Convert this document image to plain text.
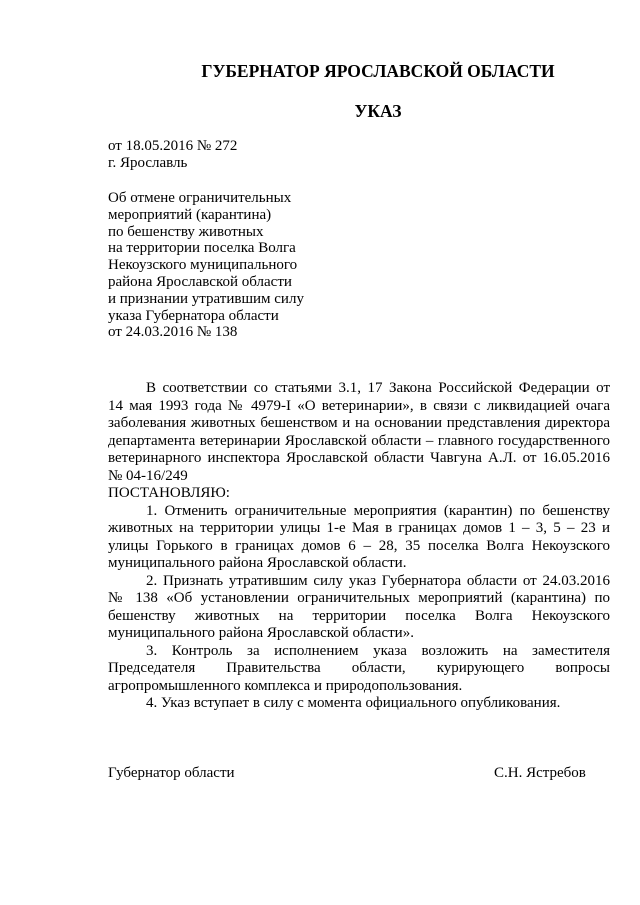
ГУБЕРНАТОР ЯРОСЛАВСКОЙ ОБЛАСТИ
УКАЗ
от 18.05.2016 № 272
г. Ярославль
Об отмене ограничительных
мероприятий (карантина)
по бешенству животных
на территории поселка Волга
Некоузского муниципального
района Ярославской области
и признании утратившим силу
указа Губернатора области
от 24.03.2016 № 138
В соответствии со статьями 3.1, 17 Закона Российской Федерации от
14 мая 1993 года № 4979-I «О ветеринарии», в связи с ликвидацией очага
заболевания животных бешенством и на основании представления директора
департамента ветеринарии Ярославской области – главного государственного
ветеринарного инспектора Ярославской области Чавгуна А.Л. от 16.05.2016
№ 04-16/249
ПОСТАНОВЛЯЮ:
1. Отменить ограничительные мероприятия (карантин) по бешенству
животных на территории улицы 1-е Мая в границах домов 1 – 3, 5 – 23 и
улицы Горького в границах домов 6 – 28, 35 поселка Волга Некоузского
муниципального района Ярославской области.
2. Признать утратившим силу указ Губернатора области от 24.03.2016
№ 138 «Об установлении ограничительных мероприятий (карантина) по
бешенству животных на территории поселка Волга Некоузского
муниципального района Ярославской области».
3. Контроль за исполнением указа возложить на заместителя
Председателя Правительства области, курирующего вопросы
агропромышленного комплекса и природопользования.
4. Указ вступает в силу с момента официального опубликования.
Губернатор области	С.Н. Ястребов
